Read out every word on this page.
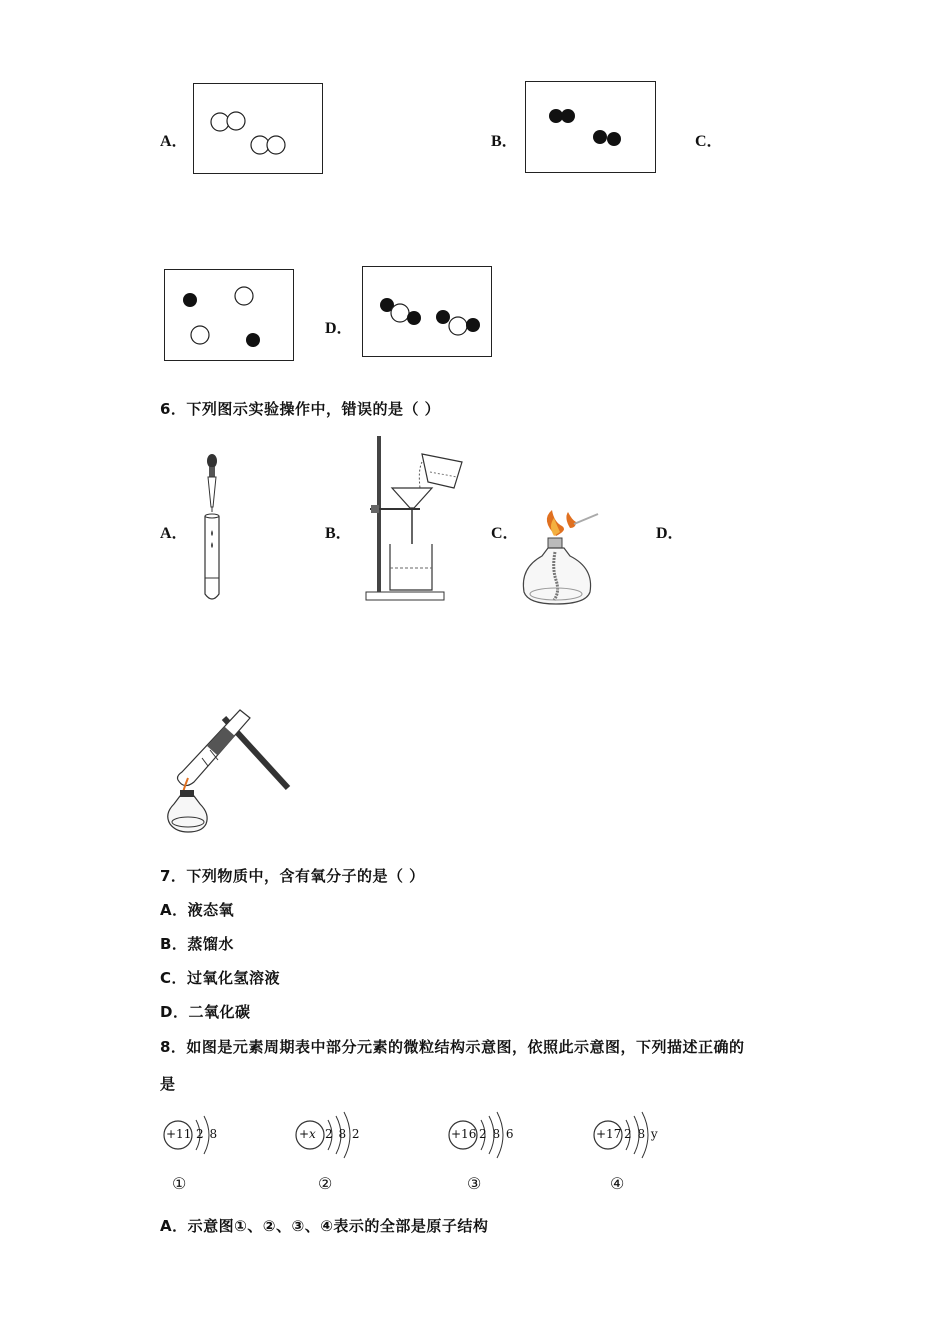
A．	B．	C．
D．
6．下列图示实验操作中，错误的是（ ）
A．	B．	C．	D．
7．下列物质中，含有氧分子的是（ ）
A．液态氧
B．蒸馏水
C．过氧化氢溶液
D．二氧化碳
8．如图是元素周期表中部分元素的微粒结构示意图，依照此示意图，下列描述正确的
是
+11 2 8
①
+x 2 8 2
②
+16 2 8 6
③
+17 2 8 y
④
A．示意图①、②、③、④表示的全部是原子结构
